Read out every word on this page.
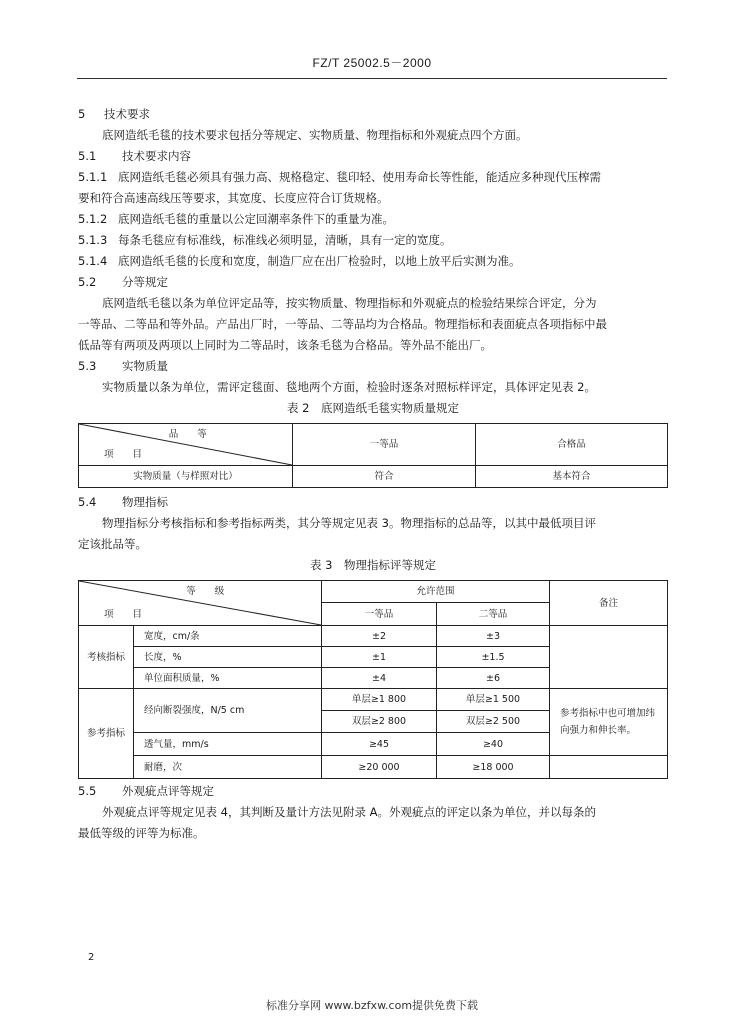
FZ/T 25002.5－2000

5 技术要求

底网造纸毛毯的技术要求包括分等规定、实物质量、物理指标和外观疵点四个方面。

5.1 技术要求内容

5.1.1 底网造纸毛毯必须具有强力高、规格稳定、毯印轻、使用寿命长等性能，能适应多种现代压榨需

要和符合高速高线压等要求，其宽度、长度应符合订货规格。

5.1.2 底网造纸毛毯的重量以公定回潮率条件下的重量为准。

5.1.3 每条毛毯应有标准线，标准线必须明显，清晰，具有一定的宽度。

5.1.4 底网造纸毛毯的长度和宽度，制造厂应在出厂检验时，以地上放平后实测为准。

5.2 分等规定

底网造纸毛毯以条为单位评定品等，按实物质量、物理指标和外观疵点的检验结果综合评定，分为

一等品、二等品和等外品。产品出厂时，一等品、二等品均为合格品。物理指标和表面疵点各项指标中最

低品等有两项及两项以上同时为二等品时，该条毛毯为合格品。等外品不能出厂。

5.3 实物质量

实物质量以条为单位，需评定毯面、毯地两个方面，检验时逐条对照标样评定，具体评定见表 2。

表 2　底网造纸毛毯实物质量规定

品　　等
项　　目	一等品	合格品
实物质量（与样照对比）	符合	基本符合

5.4 物理指标

物理指标分考核指标和参考指标两类，其分等规定见表 3。物理指标的总品等，以其中最低项目评

定该批品等。

表 3　物理指标评等规定

等　　级
项　　目		允许范围		备注
		一等品	二等品	
考核指标	宽度，cm/条	±2	±3	
	长度，%	±1	±1.5	
	单位面积质量，%	±4	±6	
参考指标	经向断裂强度，N/5 cm	单层≥1 800	单层≥1 500	参考指标中也可增加纬向强力和伸长率。
		双层≥2 800	双层≥2 500	
	透气量，mm/s	≥45	≥40	
	耐磨，次	≥20 000	≥18 000	

5.5 外观疵点评等规定

外观疵点评等规定见表 4，其判断及量计方法见附录 A。外观疵点的评定以条为单位，并以每条的

最低等级的评等为标准。

2
标准分享网 www.bzfxw.com提供免费下载
